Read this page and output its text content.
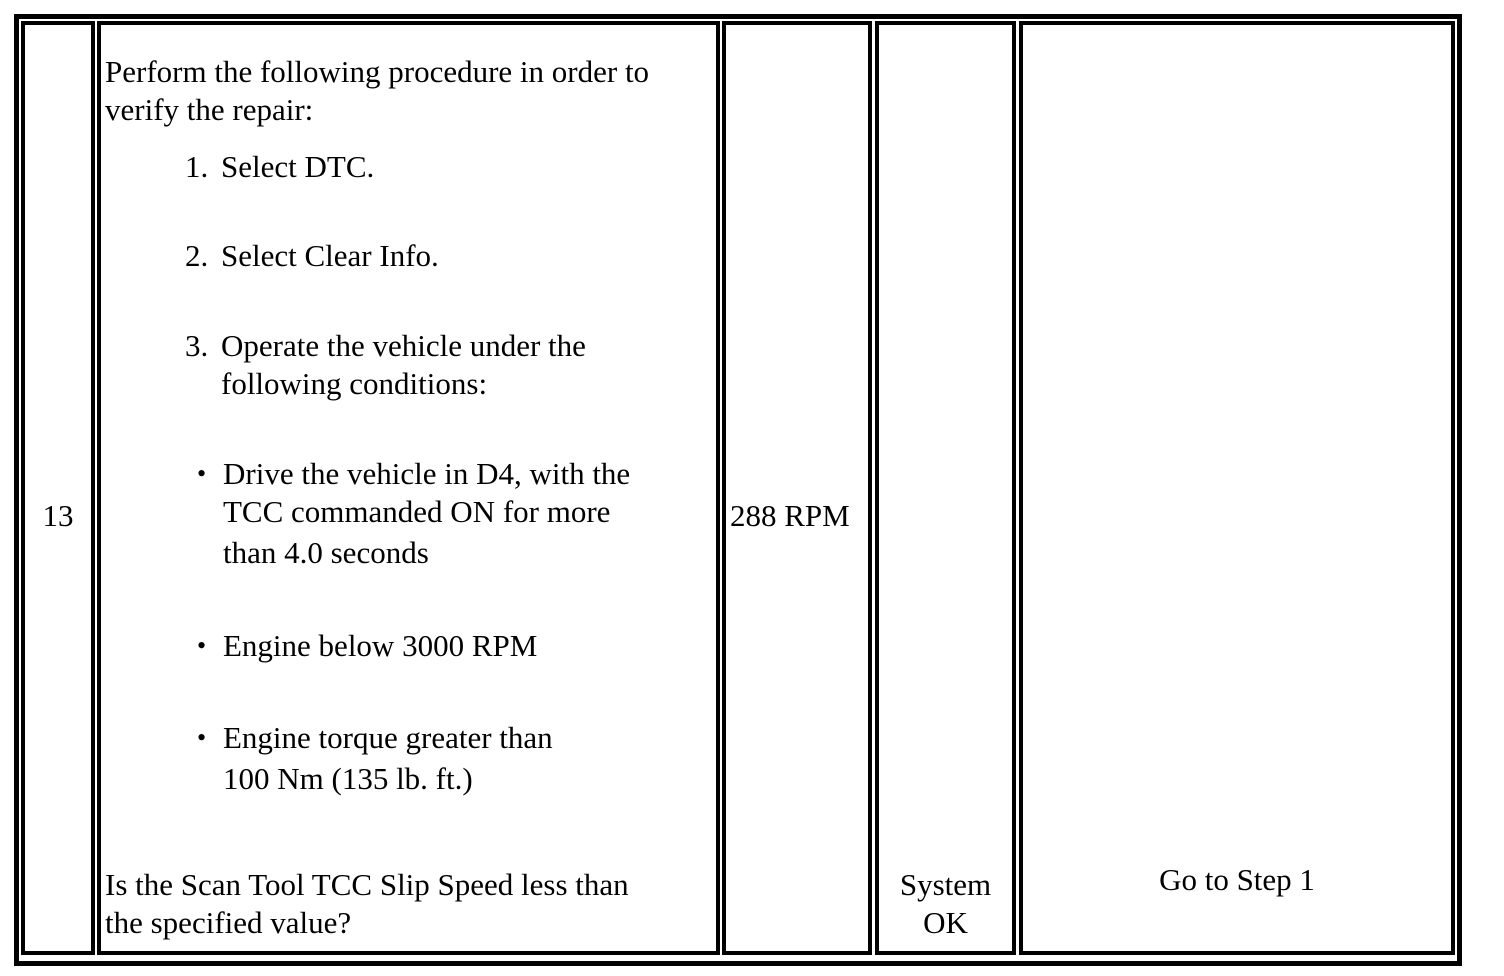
13
Perform the following procedure in order to
verify the repair:
1. Select DTC.
2. Select Clear Info.
3. Operate the vehicle under the
following conditions:
• Drive the vehicle in D4, with the
TCC commanded ON for more
than 4.0 seconds
• Engine below 3000 RPM
• Engine torque greater than
100 Nm (135 lb. ft.)
Is the Scan Tool TCC Slip Speed less than
the specified value?
288 RPM
System
OK
Go to Step 1
